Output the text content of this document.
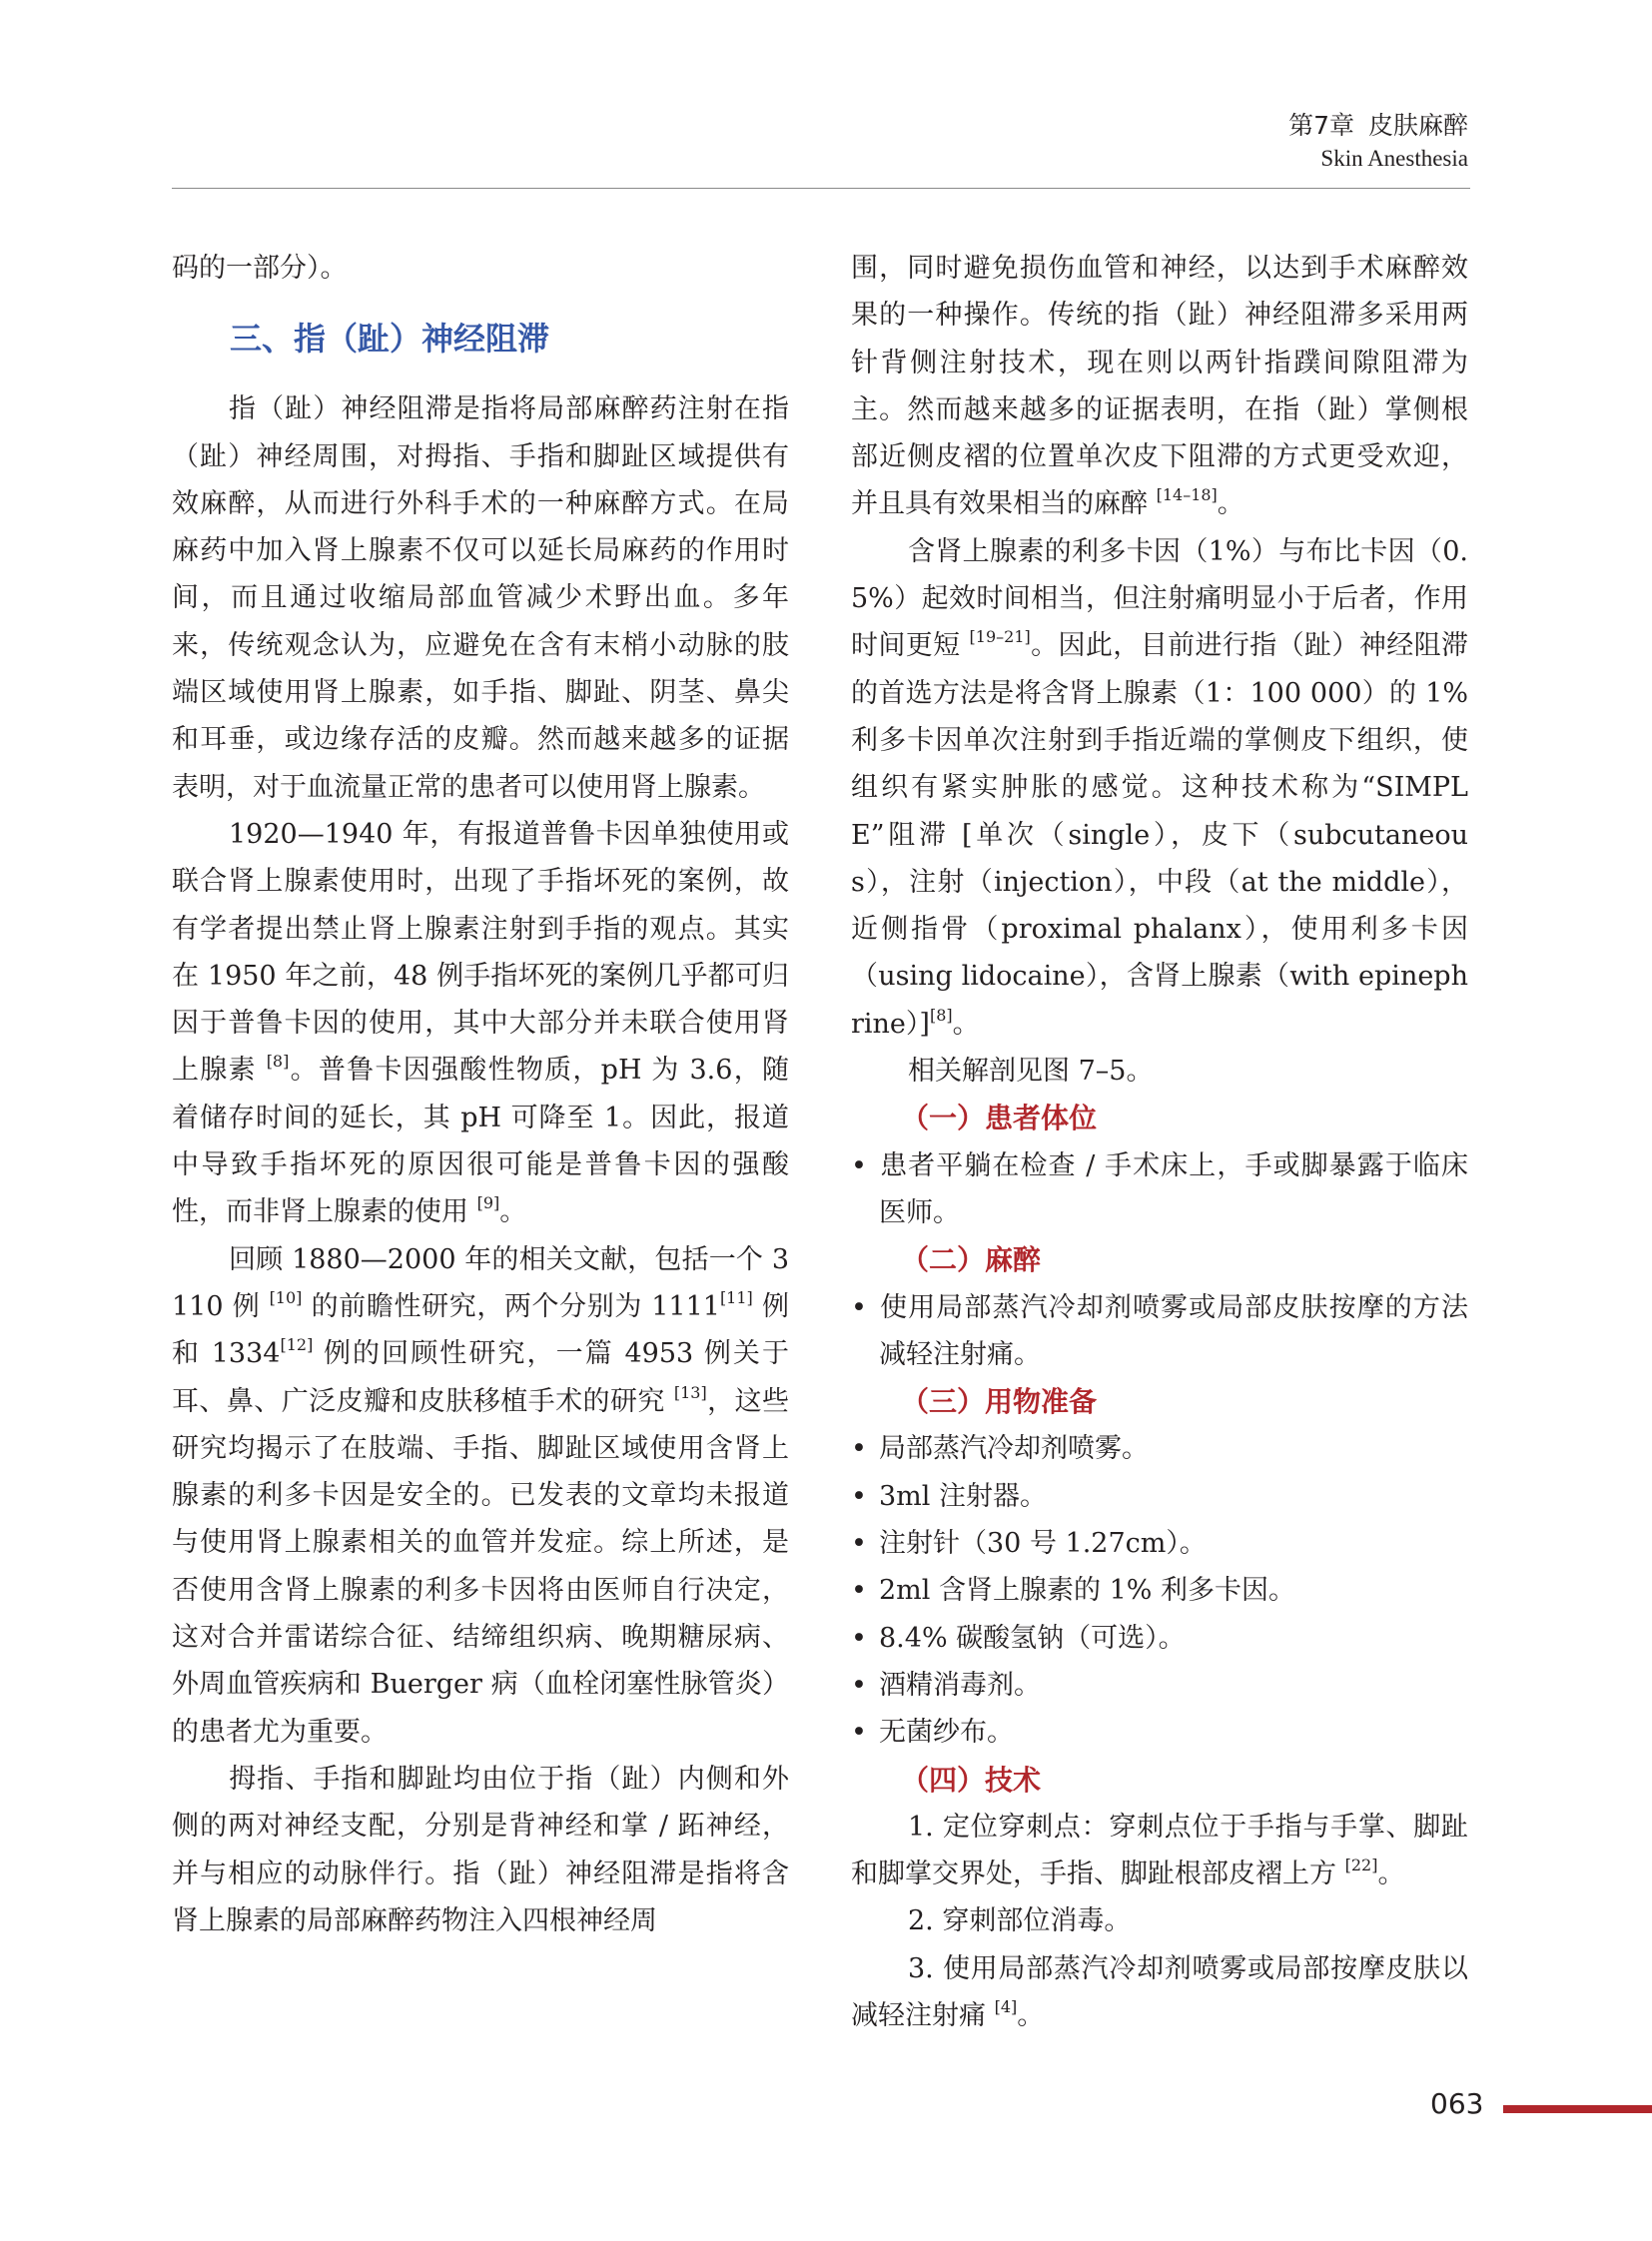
第7章 皮肤麻醉
Skin Anesthesia

码的一部分）。

三、指（趾）神经阻滞

指（趾）神经阻滞是指将局部麻醉药注射在指（趾）神经周围，对拇指、手指和脚趾区域提供有效麻醉，从而进行外科手术的一种麻醉方式。在局麻药中加入肾上腺素不仅可以延长局麻药的作用时间，而且通过收缩局部血管减少术野出血。多年来，传统观念认为，应避免在含有末梢小动脉的肢端区域使用肾上腺素，如手指、脚趾、阴茎、鼻尖和耳垂，或边缘存活的皮瓣。然而越来越多的证据表明，对于血流量正常的患者可以使用肾上腺素。

1920—1940 年，有报道普鲁卡因单独使用或联合肾上腺素使用时，出现了手指坏死的案例，故有学者提出禁止肾上腺素注射到手指的观点。其实在 1950 年之前，48 例手指坏死的案例几乎都可归因于普鲁卡因的使用，其中大部分并未联合使用肾上腺素 [8]。普鲁卡因强酸性物质，pH 为 3.6，随着储存时间的延长，其 pH 可降至 1。因此，报道中导致手指坏死的原因很可能是普鲁卡因的强酸性，而非肾上腺素的使用 [9]。

回顾 1880—2000 年的相关文献，包括一个 3110 例 [10] 的前瞻性研究，两个分别为 1111[11] 例和 1334[12] 例的回顾性研究，一篇 4953 例关于耳、鼻、广泛皮瓣和皮肤移植手术的研究 [13]，这些研究均揭示了在肢端、手指、脚趾区域使用含肾上腺素的利多卡因是安全的。已发表的文章均未报道与使用肾上腺素相关的血管并发症。综上所述，是否使用含肾上腺素的利多卡因将由医师自行决定，这对合并雷诺综合征、结缔组织病、晚期糖尿病、外周血管疾病和 Buerger 病（血栓闭塞性脉管炎）的患者尤为重要。

拇指、手指和脚趾均由位于指（趾）内侧和外侧的两对神经支配，分别是背神经和掌 / 跖神经，并与相应的动脉伴行。指（趾）神经阻滞是指将含肾上腺素的局部麻醉药物注入四根神经周

围，同时避免损伤血管和神经，以达到手术麻醉效果的一种操作。传统的指（趾）神经阻滞多采用两针背侧注射技术，现在则以两针指蹼间隙阻滞为主。然而越来越多的证据表明，在指（趾）掌侧根部近侧皮褶的位置单次皮下阻滞的方式更受欢迎，并且具有效果相当的麻醉 [14–18]。

含肾上腺素的利多卡因（1%）与布比卡因（0.5%）起效时间相当，但注射痛明显小于后者，作用时间更短 [19–21]。因此，目前进行指（趾）神经阻滞的首选方法是将含肾上腺素（1：100 000）的 1% 利多卡因单次注射到手指近端的掌侧皮下组织，使组织有紧实肿胀的感觉。这种技术称为“SIMPLE”阻滞 [单次（single），皮下（subcutaneous），注射（injection），中段（at the middle），近侧指骨（proximal phalanx），使用利多卡因（using lidocaine），含肾上腺素（with epinephrine）][8]。

相关解剖见图 7–5。

（一）患者体位

• 患者平躺在检查 / 手术床上，手或脚暴露于临床医师。

（二）麻醉

• 使用局部蒸汽冷却剂喷雾或局部皮肤按摩的方法减轻注射痛。

（三）用物准备

• 局部蒸汽冷却剂喷雾。

• 3ml 注射器。

• 注射针（30 号 1.27cm）。

• 2ml 含肾上腺素的 1% 利多卡因。

• 8.4% 碳酸氢钠（可选）。

• 酒精消毒剂。

• 无菌纱布。

（四）技术

1. 定位穿刺点：穿刺点位于手指与手掌、脚趾和脚掌交界处，手指、脚趾根部皮褶上方 [22]。

2. 穿刺部位消毒。

3. 使用局部蒸汽冷却剂喷雾或局部按摩皮肤以减轻注射痛 [4]。

063
